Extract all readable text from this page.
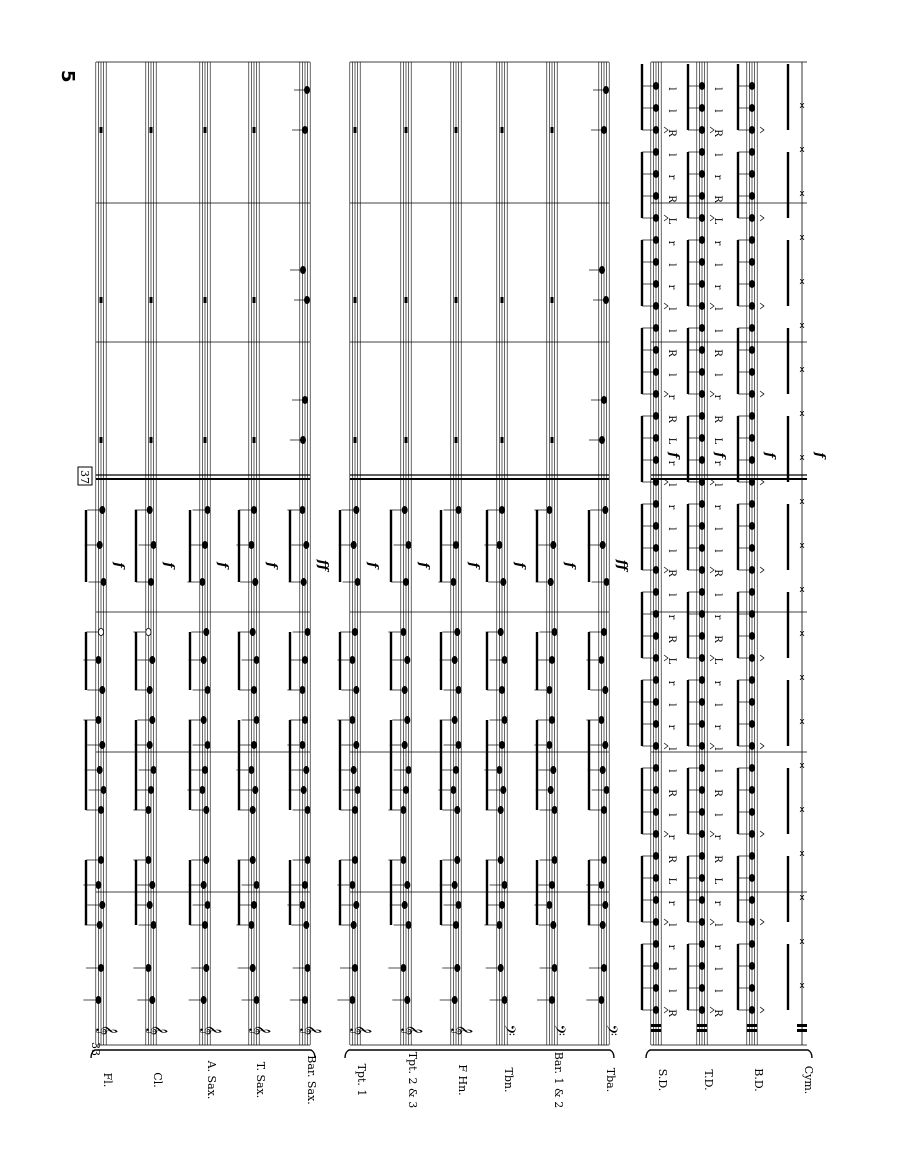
5
33
37
𝄞 𝄞 𝄞 𝄞 𝄞 𝄞 𝄞 𝄞 𝄢 𝄢 𝄢
R
l
l
r
l
r
L
R
r
l
R
l
l
r
l
r
L
R
r
l
R
l
l
r
l
r
L
R
r
l
R
l
l
r
l
r
L
R
r
l
R
l
l
R
l
l
r
l
r
L
R
r
l
R
l
l
r
l
r
L
R
r
l
R
l
l
r
l
r
L
R
r
l
R
l
l
r
l
r
L
R
r
l
R
l
l
x
x
x
x
x
x
x
x
x
x
x
x
x
x
x
x
x
x
x
x
x
Fl.	Cl.	A. Sax.	T. Sax.	Bar. Sax.	Tpt. 1	Tpt. 2 & 3	F Hn.	Tbn.	Bar. 1 & 2	Tba.	S.D.	T.D.	B.D.	Cym.
f	f	f	f	ff	f	f	f f	f	ff
f f	f	f
